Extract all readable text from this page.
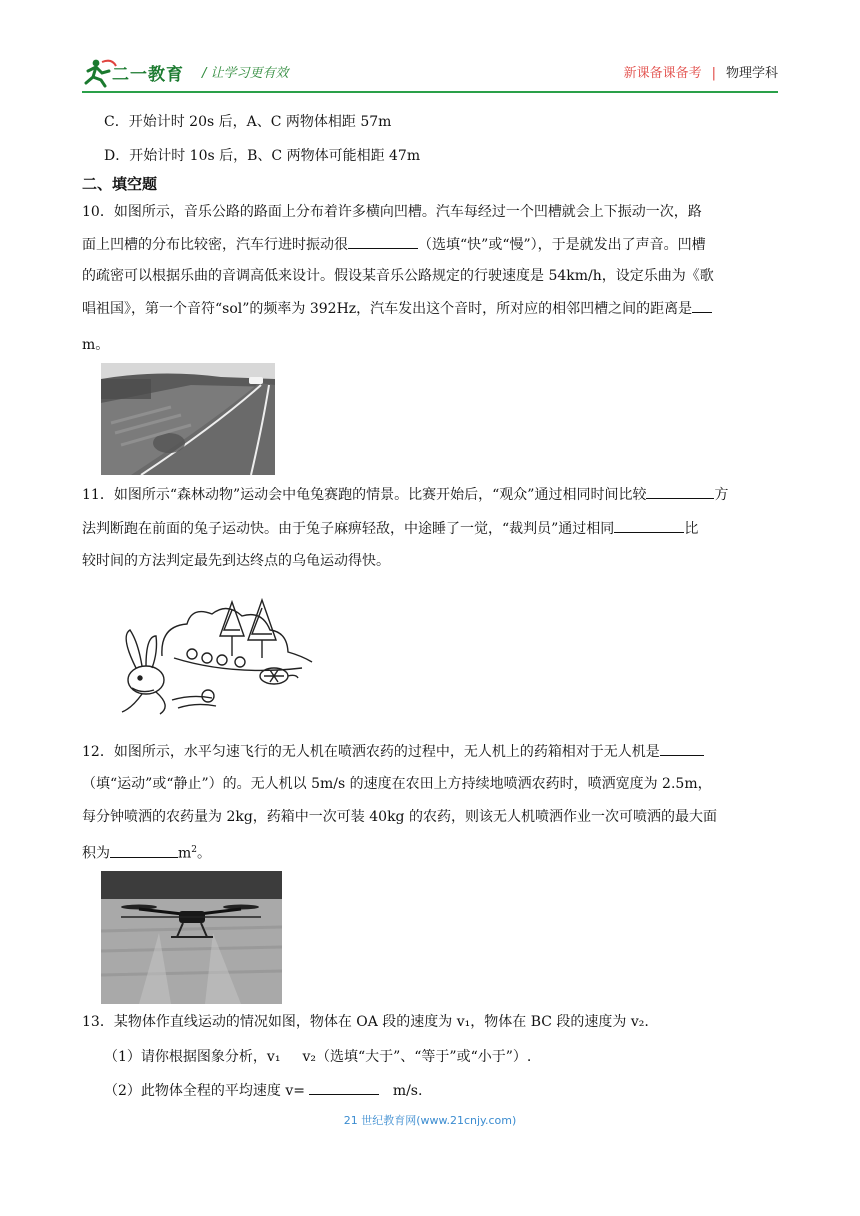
二一教育 / 让学习更有效	新课备课备考 | 物理学科
C．开始计时 20s 后，A、C 两物体相距 57m
D．开始计时 10s 后，B、C 两物体可能相距 47m
二、填空题
10．如图所示，音乐公路的路面上分布着许多横向凹槽。汽车每经过一个凹槽就会上下振动一次，路
面上凹槽的分布比较密，汽车行进时振动很	（选填“快”或“慢”），于是就发出了声音。凹槽
的疏密可以根据乐曲的音调高低来设计。假设某音乐公路规定的行驶速度是 54km/h，设定乐曲为《歌
唱祖国》，第一个音符“sol”的频率为 392Hz，汽车发出这个音时，所对应的相邻凹槽之间的距离是
m。
11．如图所示“森林动物”运动会中龟兔赛跑的情景。比赛开始后，“观众”通过相同时间比较	方
法判断跑在前面的兔子运动快。由于兔子麻痹轻敌，中途睡了一觉，“裁判员”通过相同	比
较时间的方法判定最先到达终点的乌龟运动得快。
12．如图所示，水平匀速飞行的无人机在喷洒农药的过程中，无人机上的药箱相对于无人机是
（填“运动”或“静止”）的。无人机以 5m/s 的速度在农田上方持续地喷洒农药时，喷洒宽度为 2.5m，
每分钟喷洒的农药量为 2kg，药箱中一次可装 40kg 的农药，则该无人机喷洒作业一次可喷洒的最大面
积为	$m^2$。
13．某物体作直线运动的情况如图，物体在 OA 段的速度为 v₁，物体在 BC 段的速度为 v₂.
（1）请你根据图象分析，v₁ v₂（选填“大于”、“等于”或“小于”）.
（2）此物体全程的平均速度 v=	m/s.
21 世纪教育网(www.21cnjy.com)
